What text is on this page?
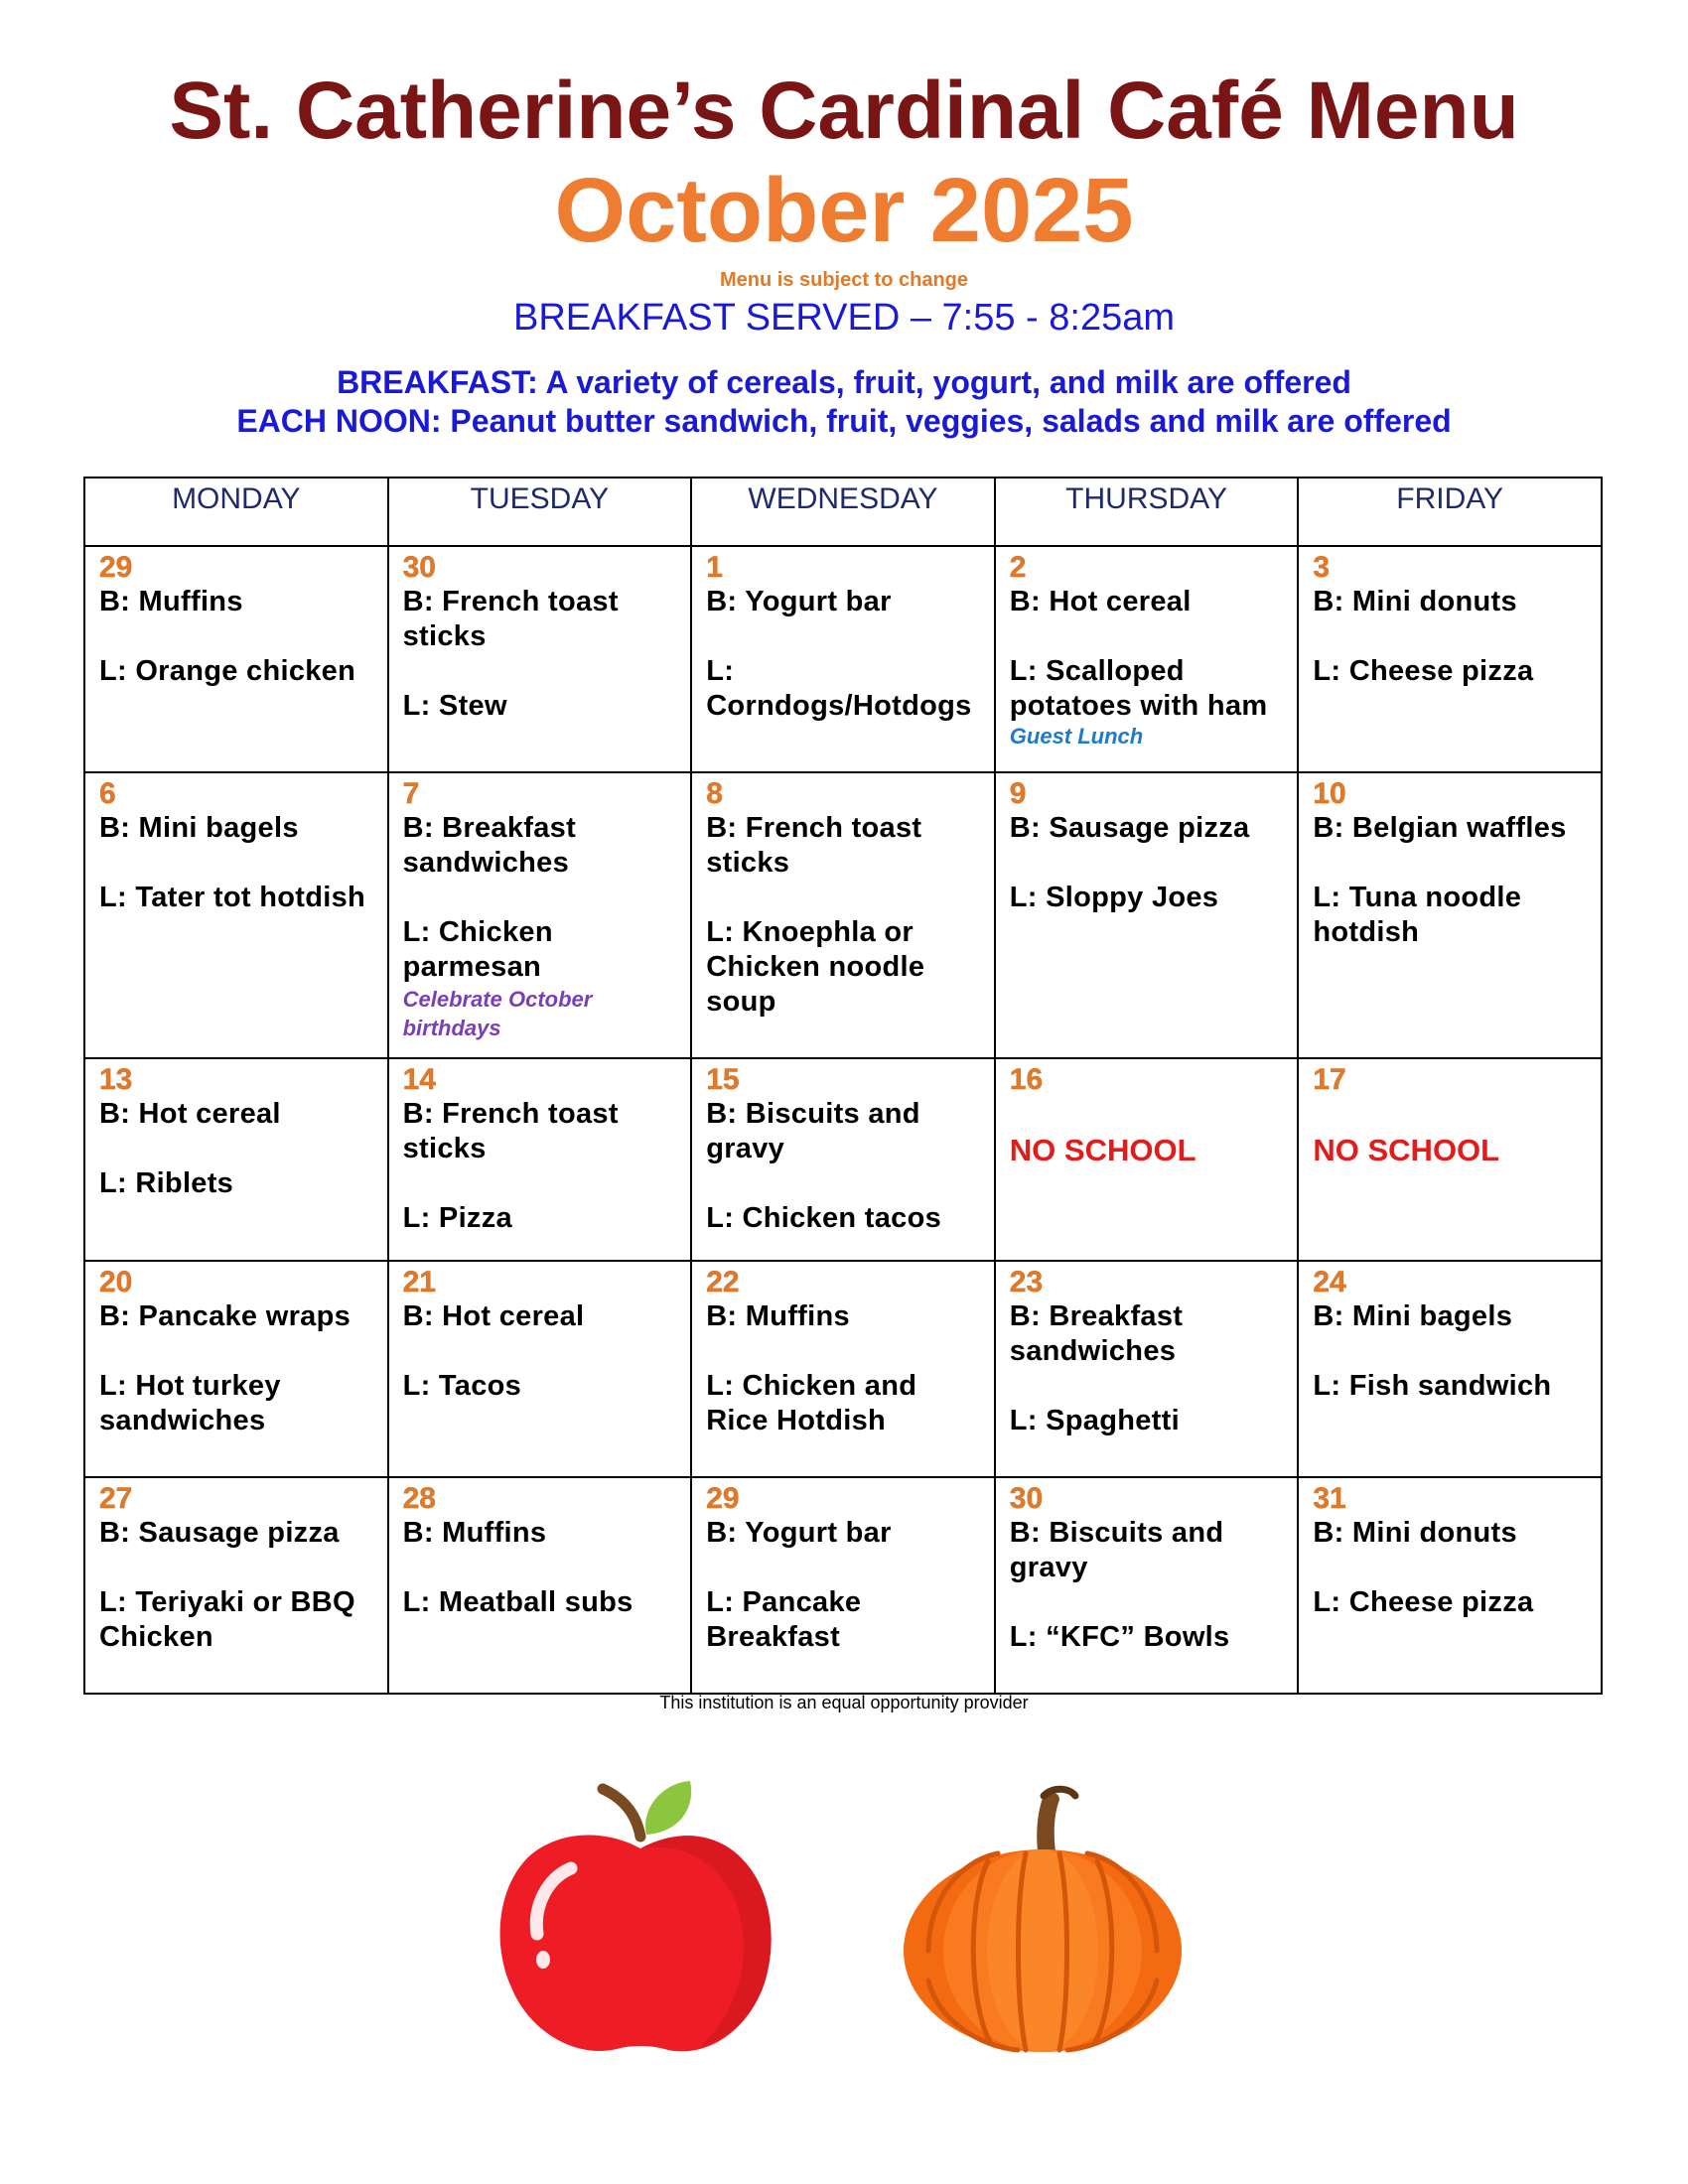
St. Catherine’s Cardinal Café Menu
October 2025
Menu is subject to change
BREAKFAST SERVED – 7:55 - 8:25am
BREAKFAST: A variety of cereals, fruit, yogurt, and milk are offered
EACH NOON: Peanut butter sandwich, fruit, veggies, salads and milk are offered
MONDAY	TUESDAY	WEDNESDAY	THURSDAY	FRIDAY

29
B: Muffins
L: Orange chicken	30
B: French toast sticks
L: Stew	1
B: Yogurt bar
L: Corndogs/Hotdogs	2
B: Hot cereal
L: Scalloped potatoes with ham
Guest Lunch	3
B: Mini donuts
L: Cheese pizza

6
B: Mini bagels
L: Tater tot hotdish	7
B: Breakfast sandwiches
L: Chicken parmesan
Celebrate October birthdays	8
B: French toast sticks
L: Knoephla or Chicken noodle soup	9
B: Sausage pizza
L: Sloppy Joes	10
B: Belgian waffles
L: Tuna noodle hotdish

13
B: Hot cereal
L: Riblets	14
B: French toast sticks
L: Pizza	15
B: Biscuits and gravy
L: Chicken tacos	16
NO SCHOOL	17
NO SCHOOL

20
B: Pancake wraps
L: Hot turkey sandwiches	21
B: Hot cereal
L: Tacos	22
B: Muffins
L: Chicken and Rice Hotdish	23
B: Breakfast sandwiches
L: Spaghetti	24
B: Mini bagels
L: Fish sandwich

27
B: Sausage pizza
L: Teriyaki or BBQ Chicken	28
B: Muffins
L: Meatball subs	29
B: Yogurt bar
L: Pancake Breakfast	30
B: Biscuits and gravy
L: “KFC” Bowls	31
B: Mini donuts
L: Cheese pizza
This institution is an equal opportunity provider
